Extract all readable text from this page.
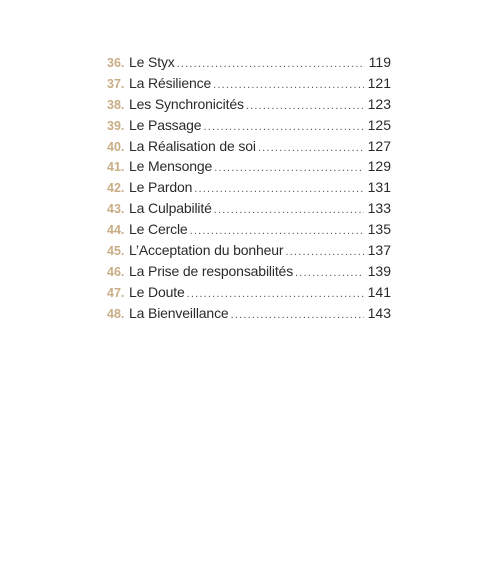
36. Le Styx .....	119
37. La Résilience .....	121
38. Les Synchronicités .....	123
39. Le Passage .....	125
40. La Réalisation de soi .....	127
41. Le Mensonge .....	129
42. Le Pardon .....	131
43. La Culpabilité .....	133
44. Le Cercle .....	135
45. L’Acceptation du bonheur .....	137
46. La Prise de responsabilités .....	139
47. Le Doute .....	141
48. La Bienveillance .....	143
